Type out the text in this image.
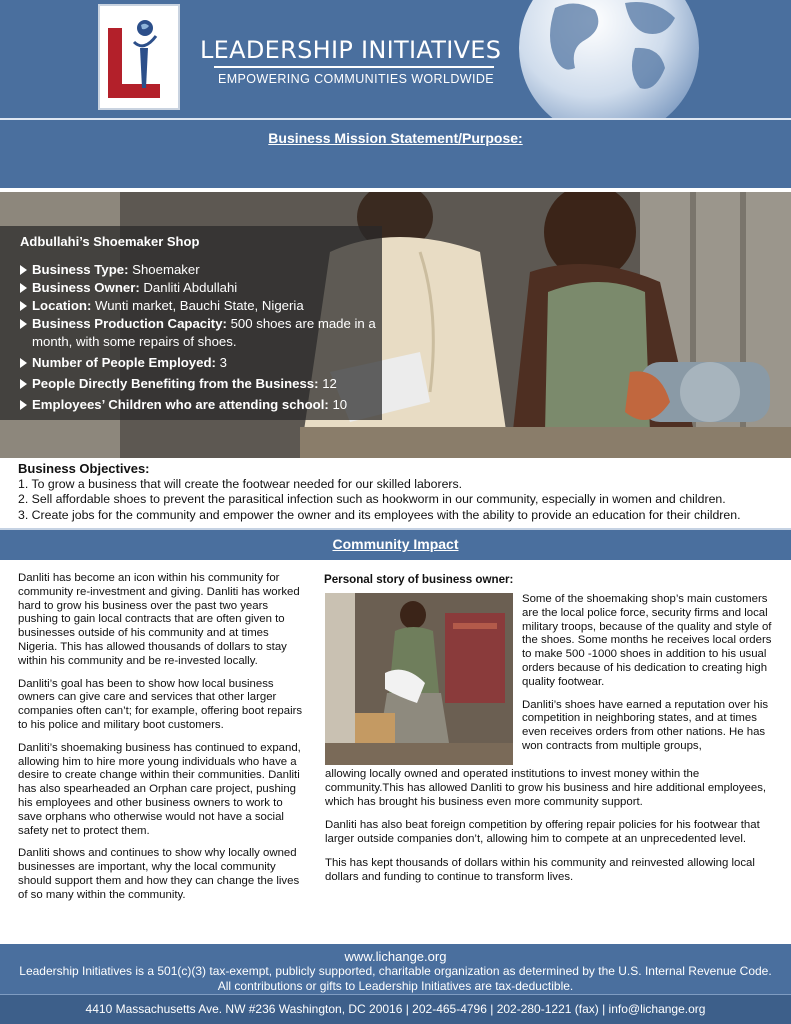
LEADERSHIP INITIATIVES
EMPOWERING COMMUNITIES WORLDWIDE
Business Mission Statement/Purpose:
Adbullahi’s Shoemaker Shop
Business Type: Shoemaker
Business Owner: Danliti Abdullahi
Location: Wunti market, Bauchi State, Nigeria
Business Production Capacity: 500 shoes are made in a month, with some repairs of shoes.
Number of People Employed: 3
People Directly Benefiting from the Business: 12
Employees’ Children who are attending school: 10
Business Objectives:
1. To grow a business that will create the footwear needed for our skilled laborers.
2. Sell affordable shoes to prevent the parasitical infection such as hookworm in our community, especially in women and children.
3. Create jobs for the community and empower the owner and its employees with the ability to provide an education for their children.
Community Impact

Danliti has become an icon within his community for community re-investment and giving. Danliti has worked hard to grow his business over the past two years pushing to gain local contracts that are often given to businesses outside of his community and at times Nigeria. This has allowed thousands of dollars to stay within his community and be re-invested locally.

Danliti’s goal has been to show how local business owners can give care and services that other larger companies often can’t; for example, offering boot repairs to his police and military boot customers.

Danliti’s shoemaking business has continued to expand, allowing him to hire more young individuals who have a desire to create change within their communities. Danliti has also spearheaded an Orphan care project, pushing his employees and other business owners to work to save orphans who otherwise would not have a social safety net to protect them.

Danliti shows and continues to show why locally owned businesses are important, why the local community should support them and how they can change the lives of so many within the community.

Personal story of business owner:

Some of the shoemaking shop’s main customers are the local police force, security firms and local military troops, because of the quality and style of the shoes. Some months he receives local orders to make 500 -1000 shoes in addition to his usual orders because of his dedication to creating high quality footwear.

Danliti’s shoes have earned a reputation over his competition in neighboring states, and at times even receives orders from other nations. He has won contracts from multiple groups,

allowing locally owned and operated institutions to invest money within the community.This has allowed Danliti to grow his business and hire additional employees, which has brought his business even more community support.

Danliti has also beat foreign competition by offering repair policies for his footwear that larger outside companies don’t, allowing him to compete at an unprecedented level.

This has kept thousands of dollars within his community and reinvested allowing local dollars and funding to continue to transform lives.

www.lichange.org
Leadership Initiatives is a 501(c)(3) tax-exempt, publicly supported, charitable organization as determined by the U.S. Internal Revenue Code.
All contributions or gifts to Leadership Initiatives are tax-deductible.
4410 Massachusetts Ave. NW #236 Washington, DC 20016 | 202-465-4796 | 202-280-1221 (fax) | info@lichange.org
